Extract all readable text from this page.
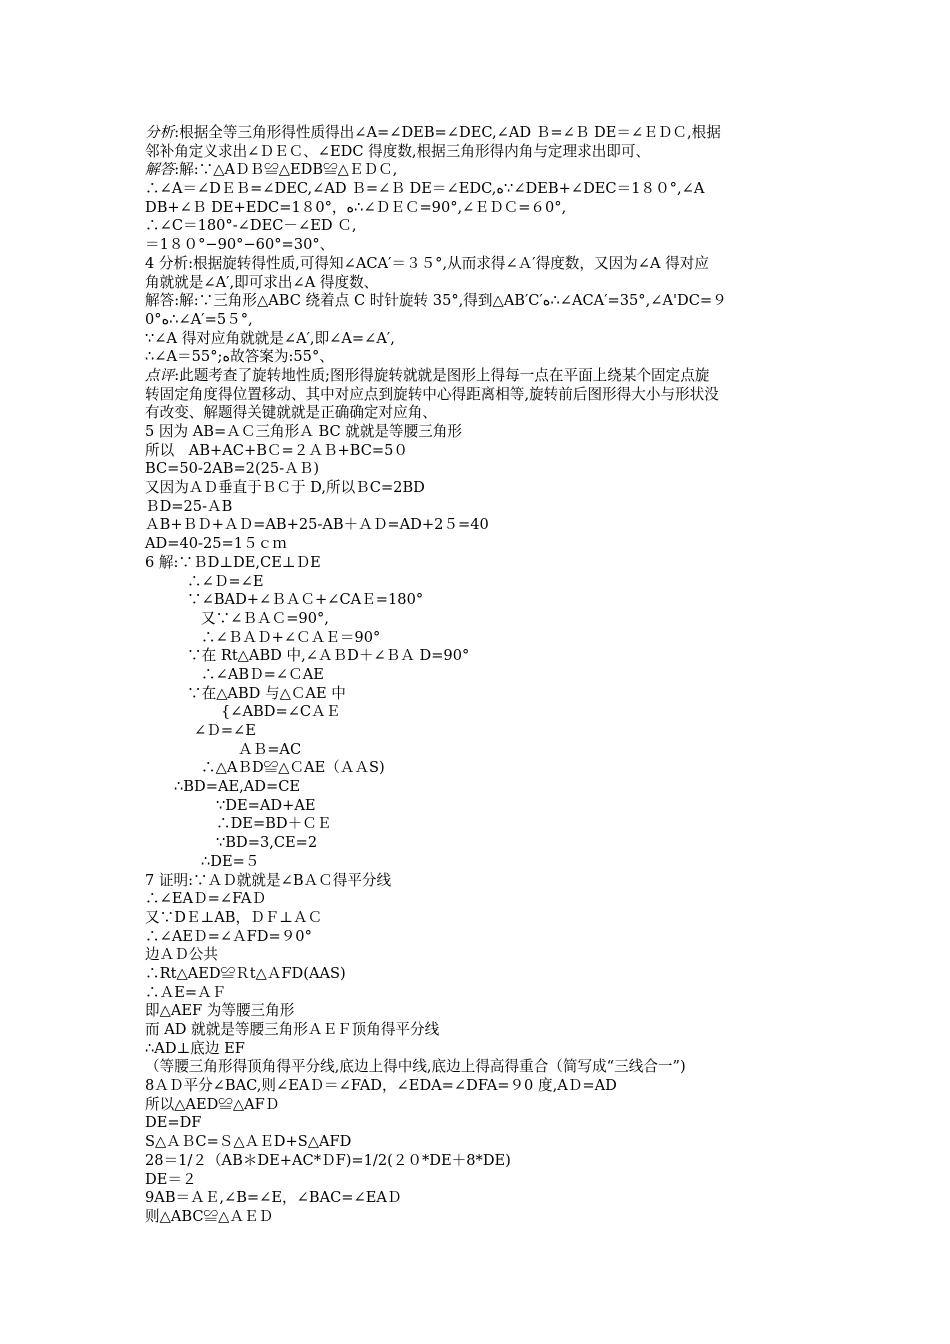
分析:根据全等三角形得性质得出∠A=∠DEB=∠DEC,∠AD Ｂ=∠Ｂ DE＝∠ＥＤＣ,根据
邻补角定义求出∠ＤＥＣ、∠EDC 得度数,根据三角形得内角与定理求出即可、
解答:解:∵△AＤＢ≌△EDB≌△ＥＤＣ,
∴∠A＝∠DＥＢ=∠DEC,∠AD Ｂ=∠Ｂ DE＝∠EDC,ﻩ∵∠DEB+∠DEC＝1８０°,∠A
DB+∠Ｂ DE+EDC=1８0°，ﻩ∴∠ＤＥＣ=90°,∠ＥＤＣ=６0°,
∴∠C＝180°-∠DEC－∠ED Ｃ,
＝1８０°−90°−60°=30°、
4 分析:根据旋转得性质,可得知∠ACA′＝３５°,从而求得∠Ａ′得度数，又因为∠A 得对应
角就就是∠A′,即可求出∠A 得度数、
解答:解:∵三角形△ABC 绕着点 C 时针旋转 35°,得到△AB′C′ﻩ∴∠ACA′=35°,∠A'DC=９
0°ﻩ∴∠A′=5５°,
∵∠A 得对应角就就是∠A′,即∠A=∠A′,
∴∠A＝55°;ﻩ故答案为:55°、
点评:此题考查了旋转地性质;图形得旋转就就是图形上得每一点在平面上绕某个固定点旋
转固定角度得位置移动、其中对应点到旋转中心得距离相等,旋转前后图形得大小与形状没
有改变、解题得关键就就是正确确定对应角、
5 因为 AB=ＡＣ三角形Ａ BC 就就是等腰三角形
所以　AB+AC+BＣ=２ＡＢ+BC=5０
BC=50-2AB=2(25-ＡＢ)
又因为ＡＤ垂直于ＢＣ于 D,所以ＢC=2BD
ＢD=25-ＡB
ＡB+ＢＤ+ＡＤ=AB+25-AB＋ＡＤ=AD+2５=40
AD=40-25=1５ｃｍ
6 解:∵ＢD⊥DE,CE⊥ＤE
∴∠Ｄ=∠E
∵∠BAD+∠ＢＡＣ+∠CAＥ=180°
又∵∠ＢＡＣ=90°,
∴∠ＢＡＤ+∠ＣＡＥ＝90°
∵在 Rt△ABD 中,∠ＡＢD＋∠ＢＡ D=90°
∴∠ABＤ=∠ＣAE
∵在△ABD 与△ＣAE 中
{∠ABD=∠CＡＥ
∠Ｄ=∠E
ＡＢ=AC
∴△AＢD≌△ＣAE（ＡＡS)
∴BD=AE,AD=CE
∵DE=AD+AE
∴DE=BD＋ＣＥ
∵BD=3,CE=2
∴DE=５
7 证明:∵ＡＤ就就是∠BＡＣ得平分线
∴∠EAＤ=∠FAＤ
又∵DＥ⊥AB，ＤＦ⊥ＡＣ
∴∠AEＤ=∠ＡFD=９0°
边ＡＤ公共
∴Rt△AED≌Ｒt△ＡFD(AAS)
∴ＡE=ＡＦ
即△AEF 为等腰三角形
而 AD 就就是等腰三角形ＡＥＦ顶角得平分线
∴AD⊥底边 EF
（等腰三角形得顶角得平分线,底边上得中线,底边上得高得重合（简写成“三线合一”)
8ＡＤ平分∠BAC,则∠EAＤ＝∠FAD，∠EDA=∠DFA=９0 度,AＤ=AD
所以△AED≌△AFＤ
DE=DF
S△ＡＢC=Ｓ△ＡＥD+S△AFD
28＝1/２（AB＊DE+AC*ＤF)=1/2(２０*DE＋8*DE)
DE＝２
9AB＝ＡＥ,∠B=∠E，∠BAC=∠EAＤ
则△ABC≌△ＡＥＤ
